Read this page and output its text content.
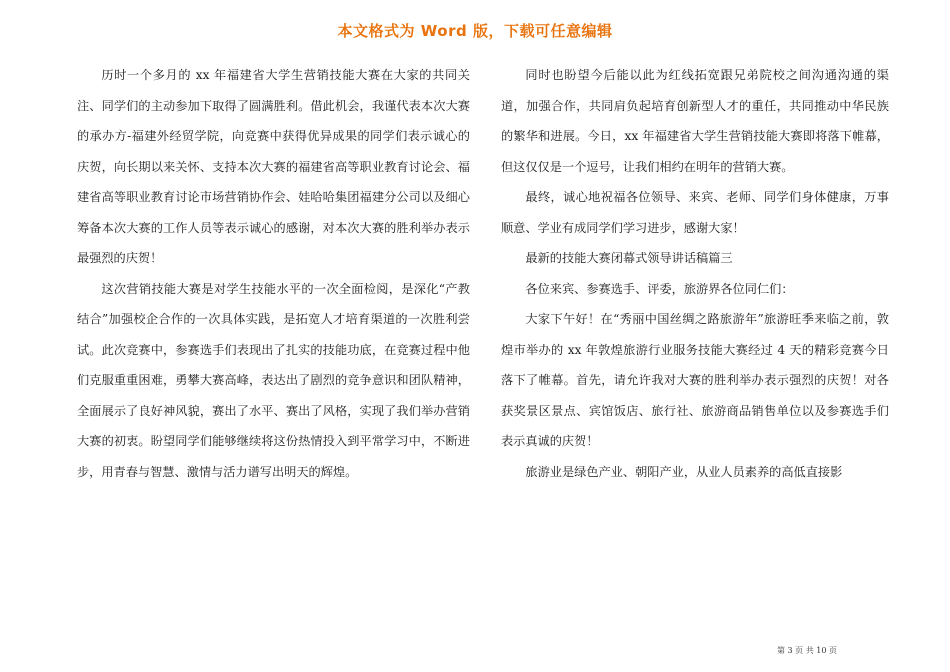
本文格式为 Word 版，下载可任意编辑

历时一个多月的 xx 年福建省大学生营销技能大赛在大家的共同关注、同学们的主动参加下取得了圆满胜利。借此机会，我谨代表本次大赛的承办方-福建外经贸学院，向竞赛中获得优异成果的同学们表示诚心的庆贺，向长期以来关怀、支持本次大赛的福建省高等职业教育讨论会、福建省高等职业教育讨论市场营销协作会、娃哈哈集团福建分公司以及细心筹备本次大赛的工作人员等表示诚心的感谢，对本次大赛的胜利举办表示最强烈的庆贺！

这次营销技能大赛是对学生技能水平的一次全面检阅，是深化“产教结合”加强校企合作的一次具体实践，是拓宽人才培育渠道的一次胜利尝试。此次竞赛中，参赛选手们表现出了扎实的技能功底，在竞赛过程中他们克服重重困难，勇攀大赛高峰，表达出了剧烈的竞争意识和团队精神，全面展示了良好神风貌，赛出了水平、赛出了风格，实现了我们举办营销大赛的初衷。盼望同学们能够继续将这份热情投入到平常学习中，不断进步，用青春与智慧、激情与活力谱写出明天的辉煌。

同时也盼望今后能以此为红线拓宽跟兄弟院校之间沟通沟通的渠道，加强合作，共同肩负起培育创新型人才的重任，共同推动中华民族的繁华和进展。今日，xx 年福建省大学生营销技能大赛即将落下帷幕，但这仅仅是一个逗号，让我们相约在明年的营销大赛。

最终，诚心地祝福各位领导、来宾、老师、同学们身体健康，万事顺意、学业有成同学们学习进步，感谢大家！

最新的技能大赛闭幕式领导讲话稿篇三

各位来宾、参赛选手、评委，旅游界各位同仁们：

大家下午好！在“秀丽中国丝绸之路旅游年”旅游旺季来临之前，敦煌市举办的 xx 年敦煌旅游行业服务技能大赛经过 4 天的精彩竞赛今日落下了帷幕。首先，请允许我对大赛的胜利举办表示强烈的庆贺！对各获奖景区景点、宾馆饭店、旅行社、旅游商品销售单位以及参赛选手们表示真诚的庆贺！

旅游业是绿色产业、朝阳产业，从业人员素养的高低直接影

第 3 页 共 10 页
